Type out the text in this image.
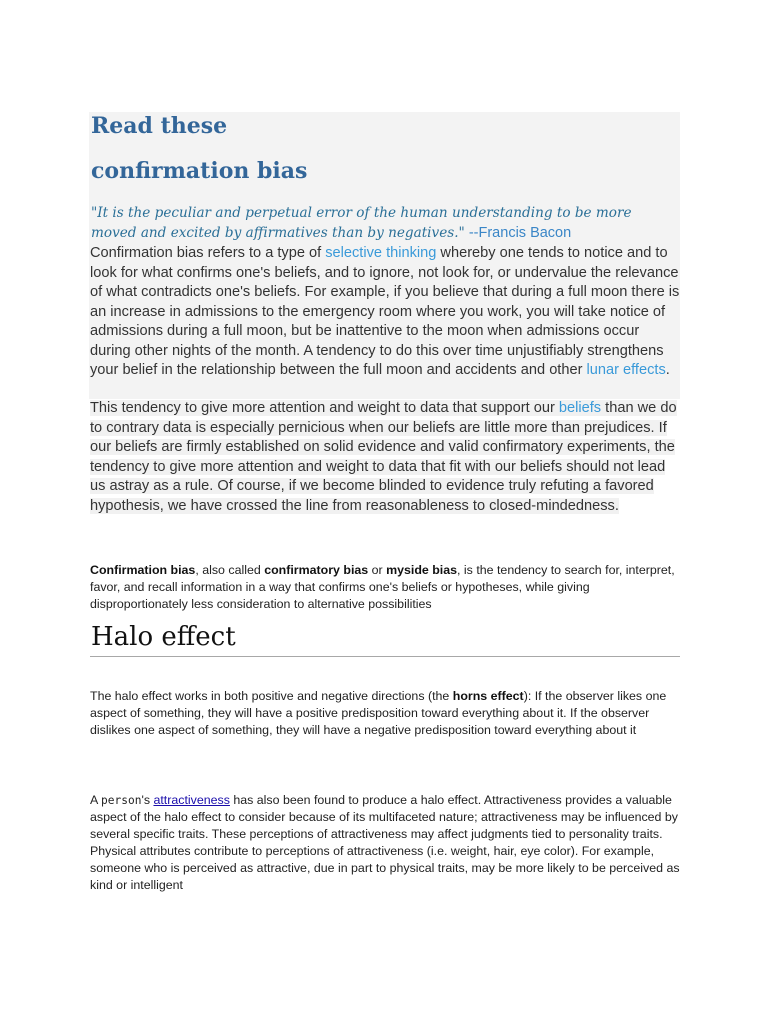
Read these
confirmation bias

"It is the peculiar and perpetual error of the human understanding to be more moved and excited by affirmatives than by negatives." --Francis Bacon

Confirmation bias refers to a type of selective thinking whereby one tends to notice and to look for what confirms one's beliefs, and to ignore, not look for, or undervalue the relevance of what contradicts one's beliefs. For example, if you believe that during a full moon there is an increase in admissions to the emergency room where you work, you will take notice of admissions during a full moon, but be inattentive to the moon when admissions occur during other nights of the month. A tendency to do this over time unjustifiably strengthens your belief in the relationship between the full moon and accidents and other lunar effects.

This tendency to give more attention and weight to data that support our beliefs than we do to contrary data is especially pernicious when our beliefs are little more than prejudices. If our beliefs are firmly established on solid evidence and valid confirmatory experiments, the tendency to give more attention and weight to data that fit with our beliefs should not lead us astray as a rule. Of course, if we become blinded to evidence truly refuting a favored hypothesis, we have crossed the line from reasonableness to closed-mindedness.

Confirmation bias, also called confirmatory bias or myside bias, is the tendency to search for, interpret, favor, and recall information in a way that confirms one's beliefs or hypotheses, while giving disproportionately less consideration to alternative possibilities

Halo effect

The halo effect works in both positive and negative directions (the horns effect): If the observer likes one aspect of something, they will have a positive predisposition toward everything about it. If the observer dislikes one aspect of something, they will have a negative predisposition toward everything about it

A person's attractiveness has also been found to produce a halo effect. Attractiveness provides a valuable aspect of the halo effect to consider because of its multifaceted nature; attractiveness may be influenced by several specific traits. These perceptions of attractiveness may affect judgments tied to personality traits. Physical attributes contribute to perceptions of attractiveness (i.e. weight, hair, eye color). For example, someone who is perceived as attractive, due in part to physical traits, may be more likely to be perceived as kind or intelligent
